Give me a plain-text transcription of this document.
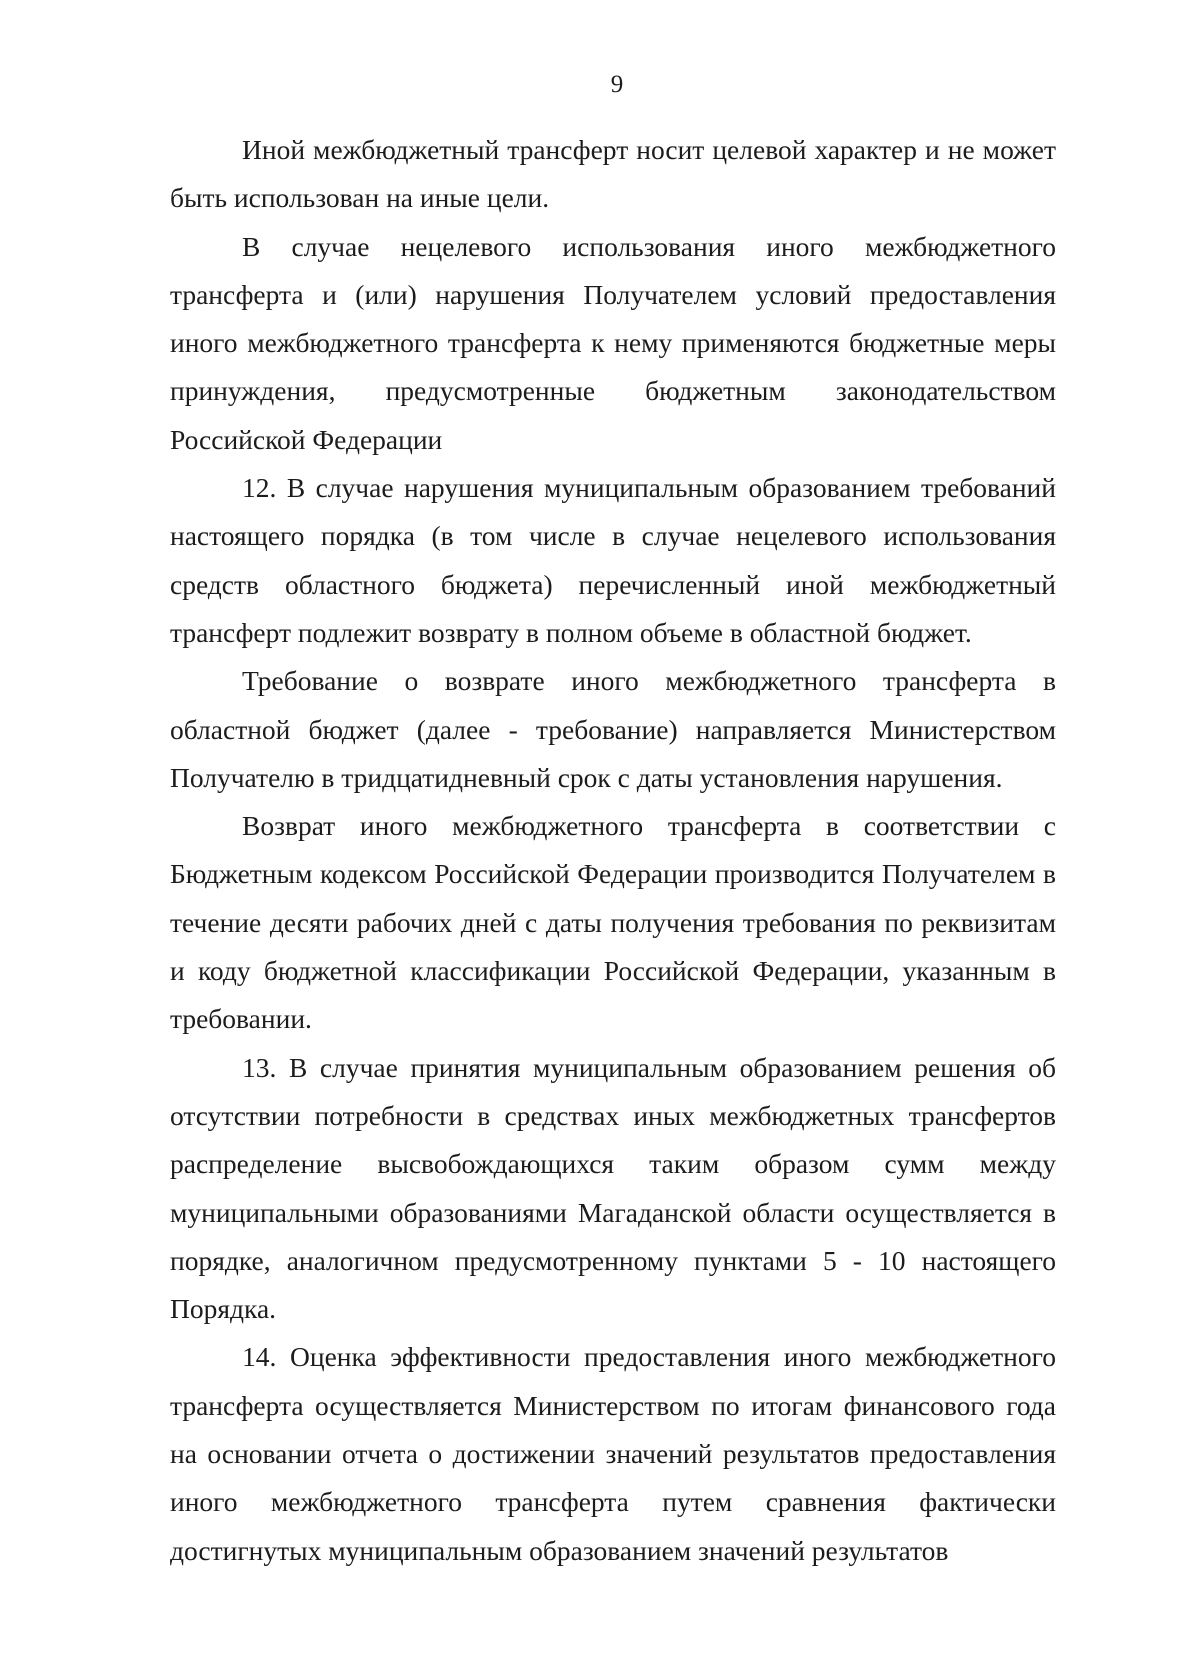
9

Иной межбюджетный трансферт носит целевой характер и не может быть использован на иные цели.

В случае нецелевого использования иного межбюджетного трансферта и (или) нарушения Получателем условий предоставления иного межбюджетного трансферта к нему применяются бюджетные меры принуждения, предусмотренные бюджетным законодательством Российской Федерации

12. В случае нарушения муниципальным образованием требований настоящего порядка (в том числе в случае нецелевого использования средств областного бюджета) перечисленный иной межбюджетный трансферт подлежит возврату в полном объеме в областной бюджет.

Требование о возврате иного межбюджетного трансферта в областной бюджет (далее - требование) направляется Министерством Получателю в тридцатидневный срок с даты установления нарушения.

Возврат иного межбюджетного трансферта в соответствии с Бюджетным кодексом Российской Федерации производится Получателем в течение десяти рабочих дней с даты получения требования по реквизитам и коду бюджетной классификации Российской Федерации, указанным в требовании.

13. В случае принятия муниципальным образованием решения об отсутствии потребности в средствах иных межбюджетных трансфертов распределение высвобождающихся таким образом сумм между муниципальными образованиями Магаданской области осуществляется в порядке, аналогичном предусмотренному пунктами 5 - 10 настоящего Порядка.

14. Оценка эффективности предоставления иного межбюджетного трансферта осуществляется Министерством по итогам финансового года на основании отчета о достижении значений результатов предоставления иного межбюджетного трансферта путем сравнения фактически достигнутых муниципальным образованием значений результатов
